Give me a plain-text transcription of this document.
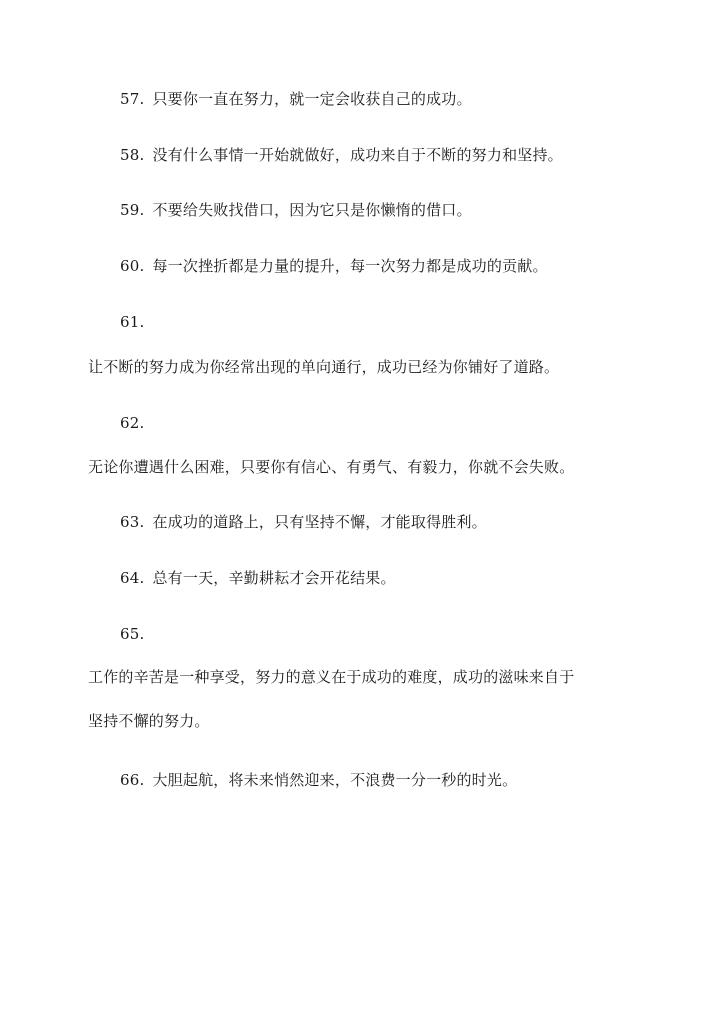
57. 只要你一直在努力，就一定会收获自己的成功。
58. 没有什么事情一开始就做好，成功来自于不断的努力和坚持。
59. 不要给失败找借口，因为它只是你懒惰的借口。
60. 每一次挫折都是力量的提升，每一次努力都是成功的贡献。
61.
让不断的努力成为你经常出现的单向通行，成功已经为你铺好了道路。
62.
无论你遭遇什么困难，只要你有信心、有勇气、有毅力，你就不会失败。
63. 在成功的道路上，只有坚持不懈，才能取得胜利。
64. 总有一天，辛勤耕耘才会开花结果。
65.
工作的辛苦是一种享受，努力的意义在于成功的难度，成功的滋味来自于
坚持不懈的努力。
66. 大胆起航，将未来悄然迎来，不浪费一分一秒的时光。
